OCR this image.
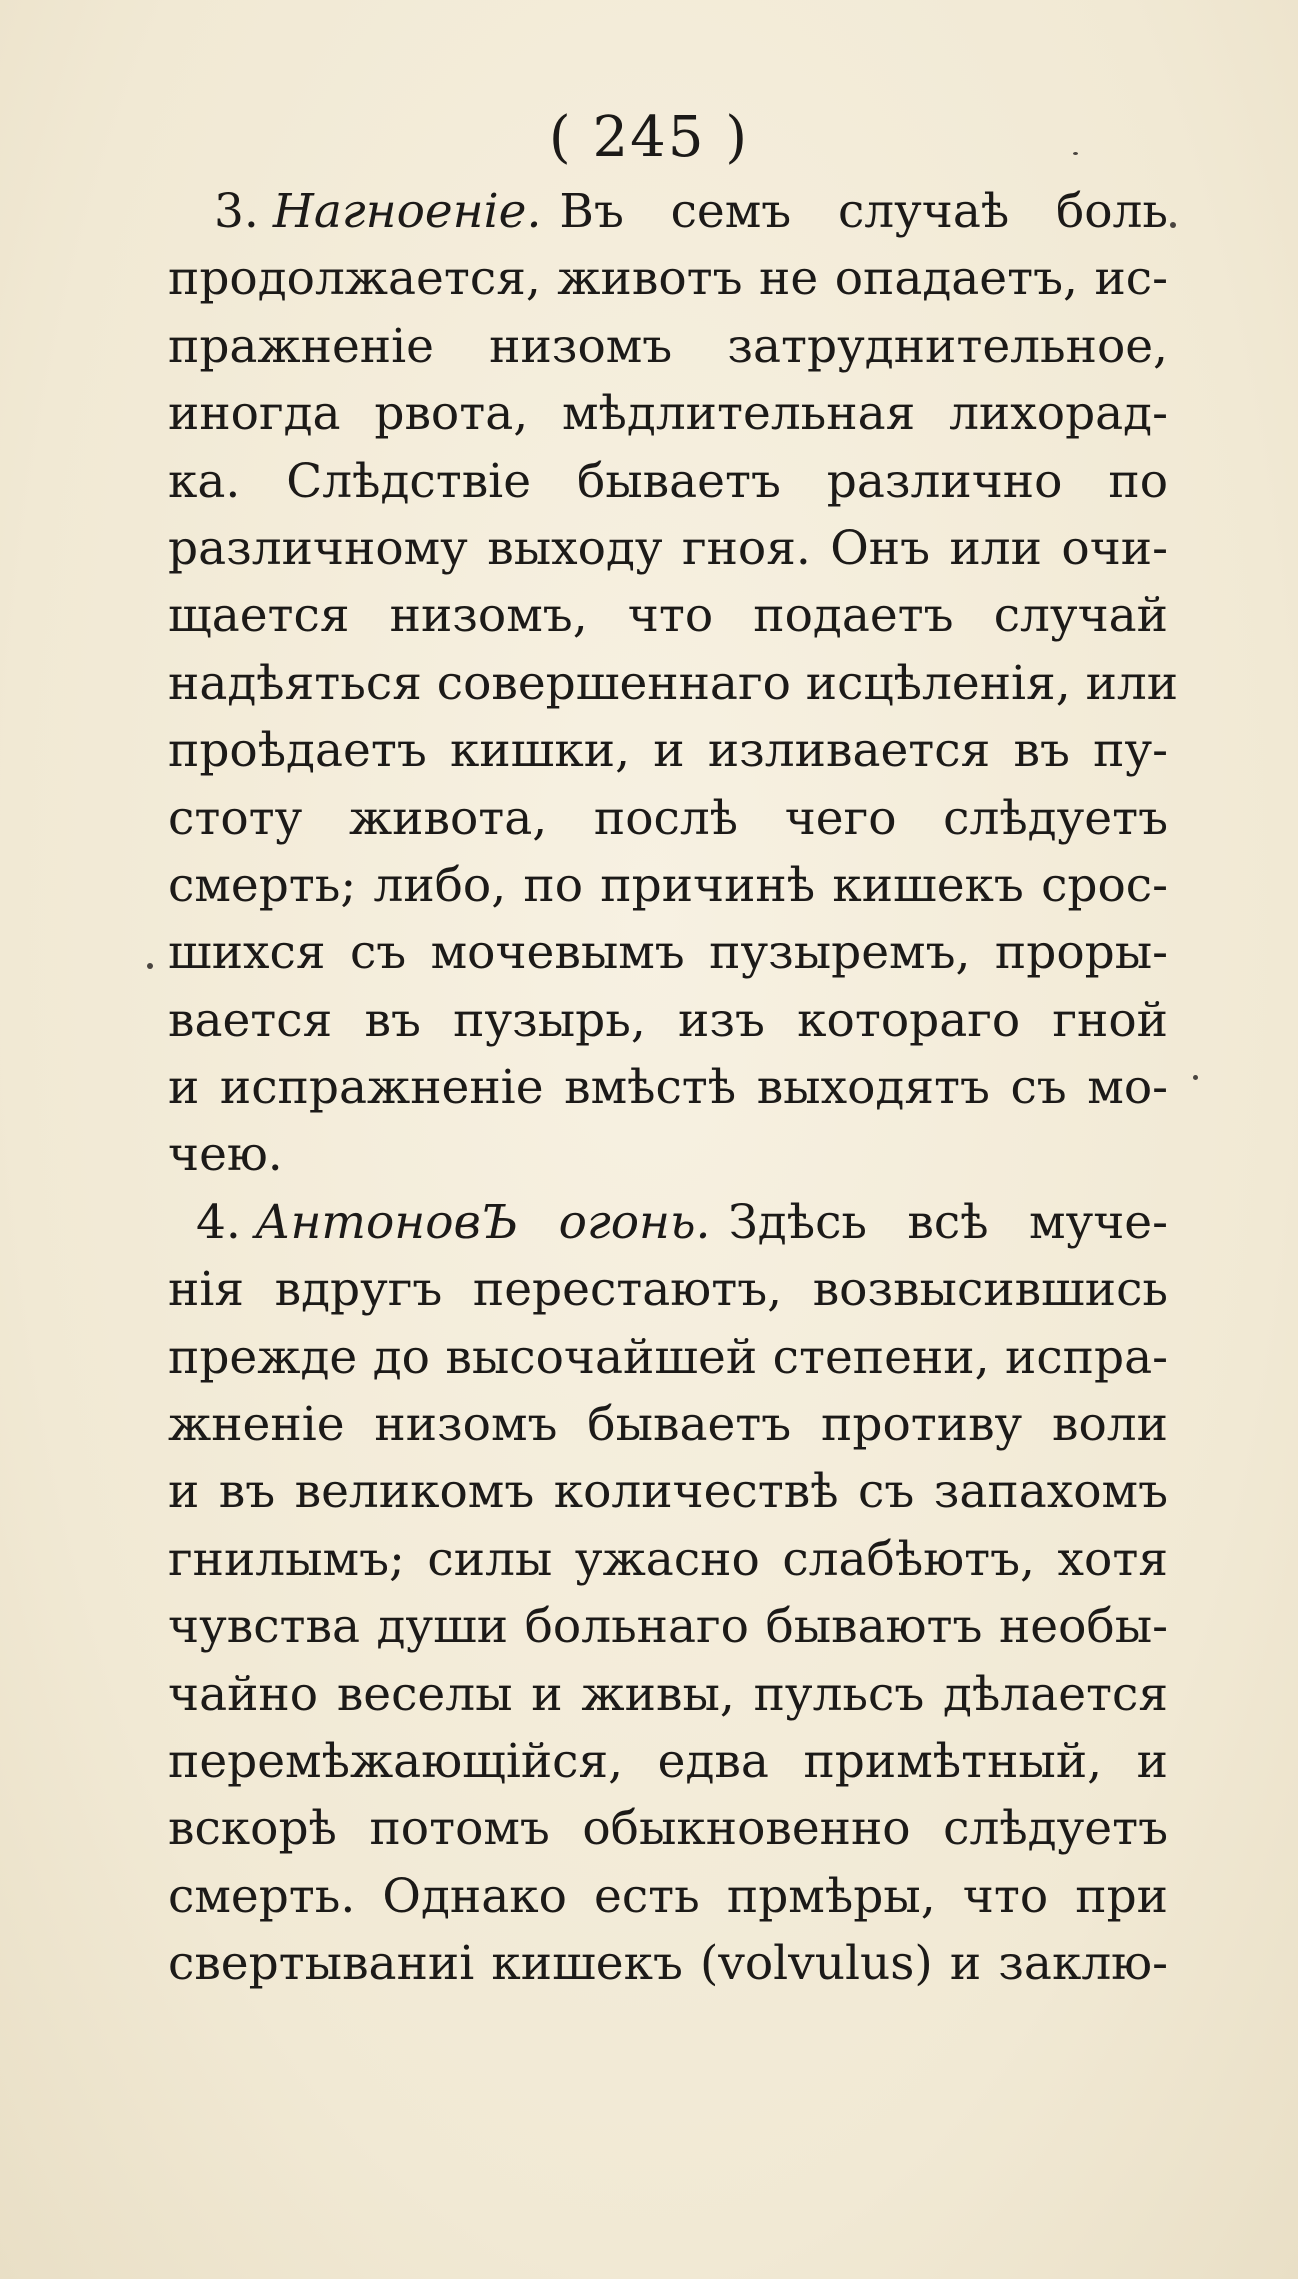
( 245 )
3. Нагноенiе. Въ семъ случаѣ боль
продолжается, животъ не опадаетъ, ис-
пражненiе низомъ затруднительное,
иногда рвота, мѣдлительная лихорад-
ка. Слѣдствiе бываетъ различно по
различному выходу гноя. Онъ или очи-
щается низомъ, что подаетъ случай
надѣяться совершеннаго исцѣленiя, или
проѣдаетъ кишки, и изливается въ пу-
стоту живота, послѣ чего слѣдуетъ
смерть; либо, по причинѣ кишекъ срос-
шихся съ мочевымъ пузыремъ, проры-
вается въ пузырь, изъ котораго гной
и испражненiе вмѣстѣ выходятъ съ мо-
чею.
4. АнтоновЪ огонь. Здѣсь всѣ муче-
нiя вдругъ перестаютъ, возвысившись
прежде до высочайшей степени, испра-
жненiе низомъ бываетъ противу воли
и въ великомъ количествѣ съ запахомъ
гнилымъ; силы ужасно слабѣютъ, хотя
чувства души больнаго бываютъ необы-
чайно веселы и живы, пульсъ дѣлается
перемѣжающiйся, едва примѣтный, и
вскорѣ потомъ обыкновенно слѣдуетъ
смерть. Однако есть прмѣры, что при
свертываниi кишекъ (volvulus) и заклю-
